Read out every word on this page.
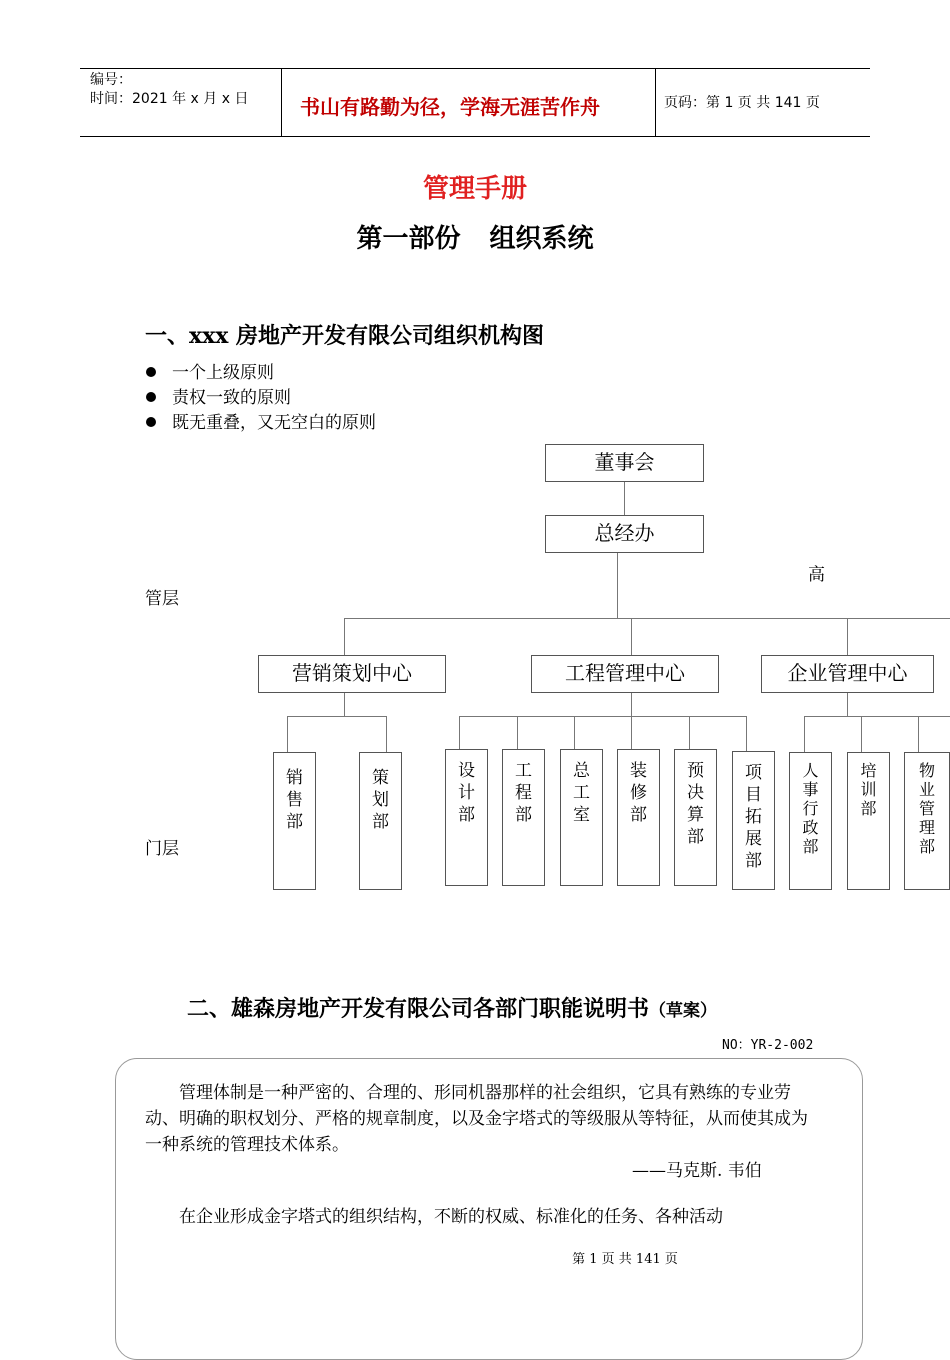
编号：
时间：2021 年 x 月 x 日	书山有路勤为径，学海无涯苦作舟	页码：第 1 页 共 141 页
管理手册
第一部份 组织系统
一、xxx 房地产开发有限公司组织机构图
一个上级原则
责权一致的原则
既无重叠，又无空白的原则
董事会
总经办
高
管层
营销策划中心	工程管理中心	企业管理中心
销售部
策划部
设计部
工程部
总工室
装修部
预决算部
项目拓展部
人事行政部
培训部
物业管理部
门层
二、雄森房地产开发有限公司各部门职能说明书（草案）
NO：YR-2-002
管理体制是一种严密的、合理的、形同机器那样的社会组织，它具有熟练的专业劳动、明确的职权划分、严格的规章制度，以及金字塔式的等级服从等特征，从而使其成为一种系统的管理技术体系。
——马克斯. 韦伯
在企业形成金字塔式的组织结构，不断的权威、标准化的任务、各种活动
第 1 页 共 141 页
